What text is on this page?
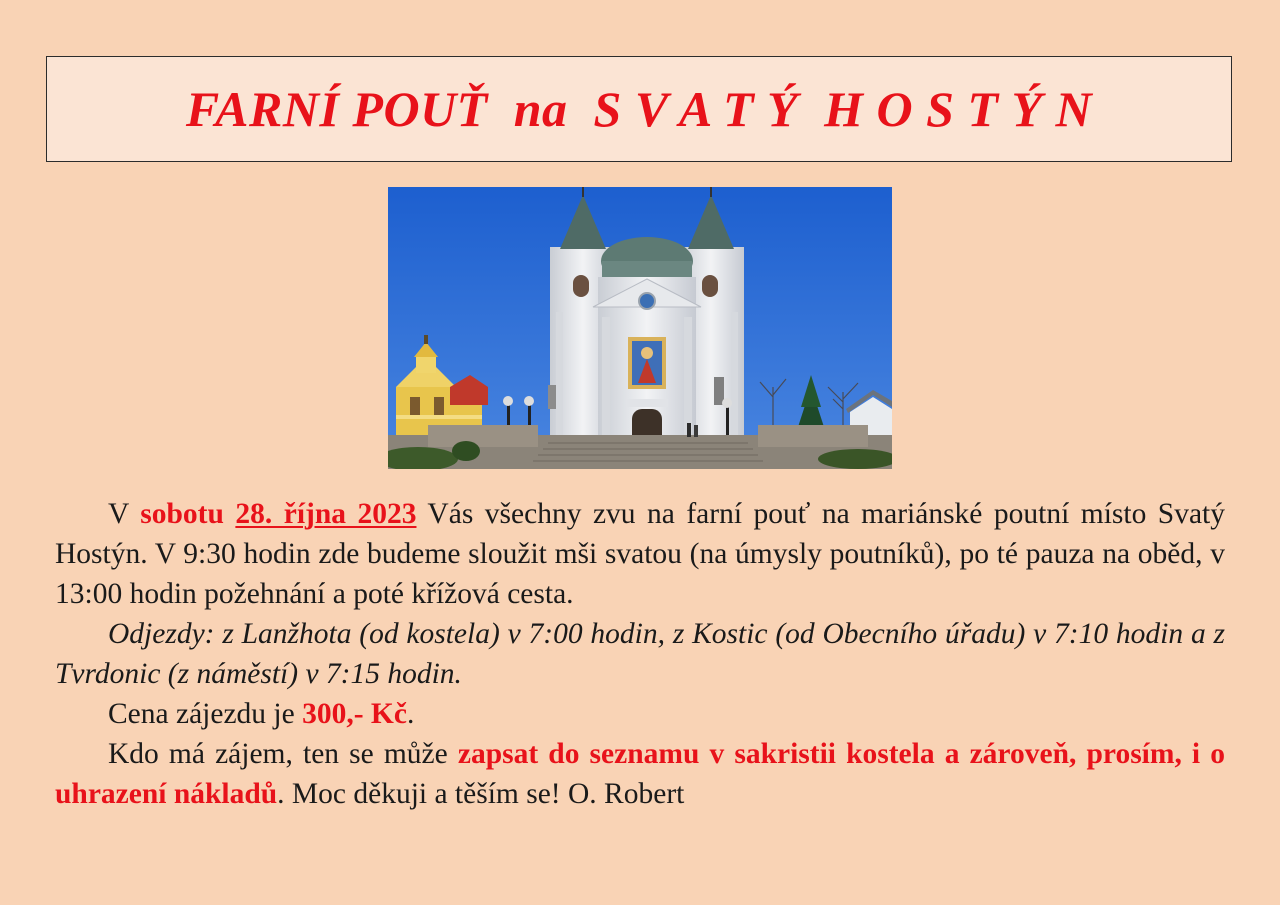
FARNÍ POUŤ  na  S V A T Ý  H O S T Ý N

V sobotu 28. října 2023 Vás všechny zvu na farní pouť na mariánské poutní místo Svatý Hostýn. V 9:30 hodin zde budeme sloužit mši svatou (na úmysly poutníků), po té pauza na oběd, v 13:00 hodin požehnání a poté křížová cesta.

Odjezdy: z Lanžhota (od kostela) v 7:00 hodin, z Kostic (od Obecního úřadu) v 7:10 hodin a z Tvrdonic (z náměstí) v 7:15 hodin.

Cena zájezdu je 300,- Kč.

Kdo má zájem, ten se může zapsat do seznamu v sakristii kostela a zároveň, prosím, i o uhrazení nákladů. Moc děkuji a těším se! O. Robert
